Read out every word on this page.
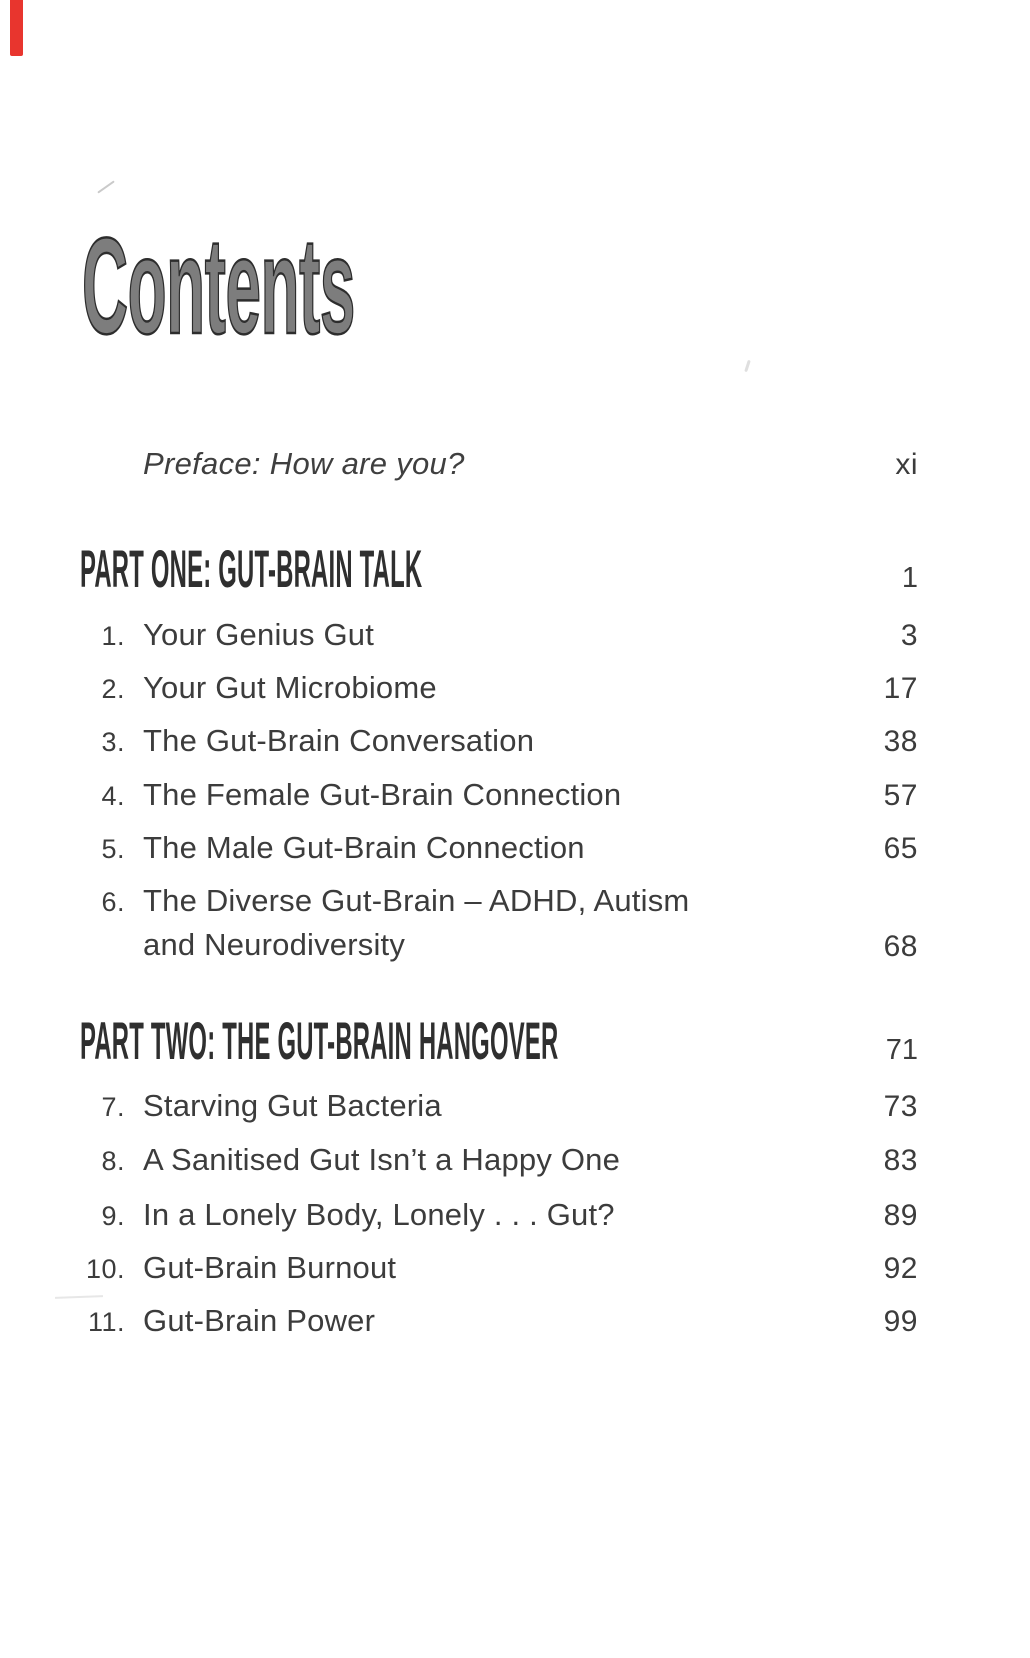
Contents
Preface: How are you?	xi
PART ONE: GUT-BRAIN TALK	1
1. Your Genius Gut	3
2. Your Gut Microbiome	17
3. The Gut-Brain Conversation	38
4. The Female Gut-Brain Connection	57
5. The Male Gut-Brain Connection	65
6. The Diverse Gut-Brain – ADHD, Autism
and Neurodiversity	68
PART TWO: THE GUT-BRAIN HANGOVER	71
7. Starving Gut Bacteria	73
8. A Sanitised Gut Isn’t a Happy One	83
9. In a Lonely Body, Lonely . . . Gut?	89
10. Gut-Brain Burnout	92
11. Gut-Brain Power	99
